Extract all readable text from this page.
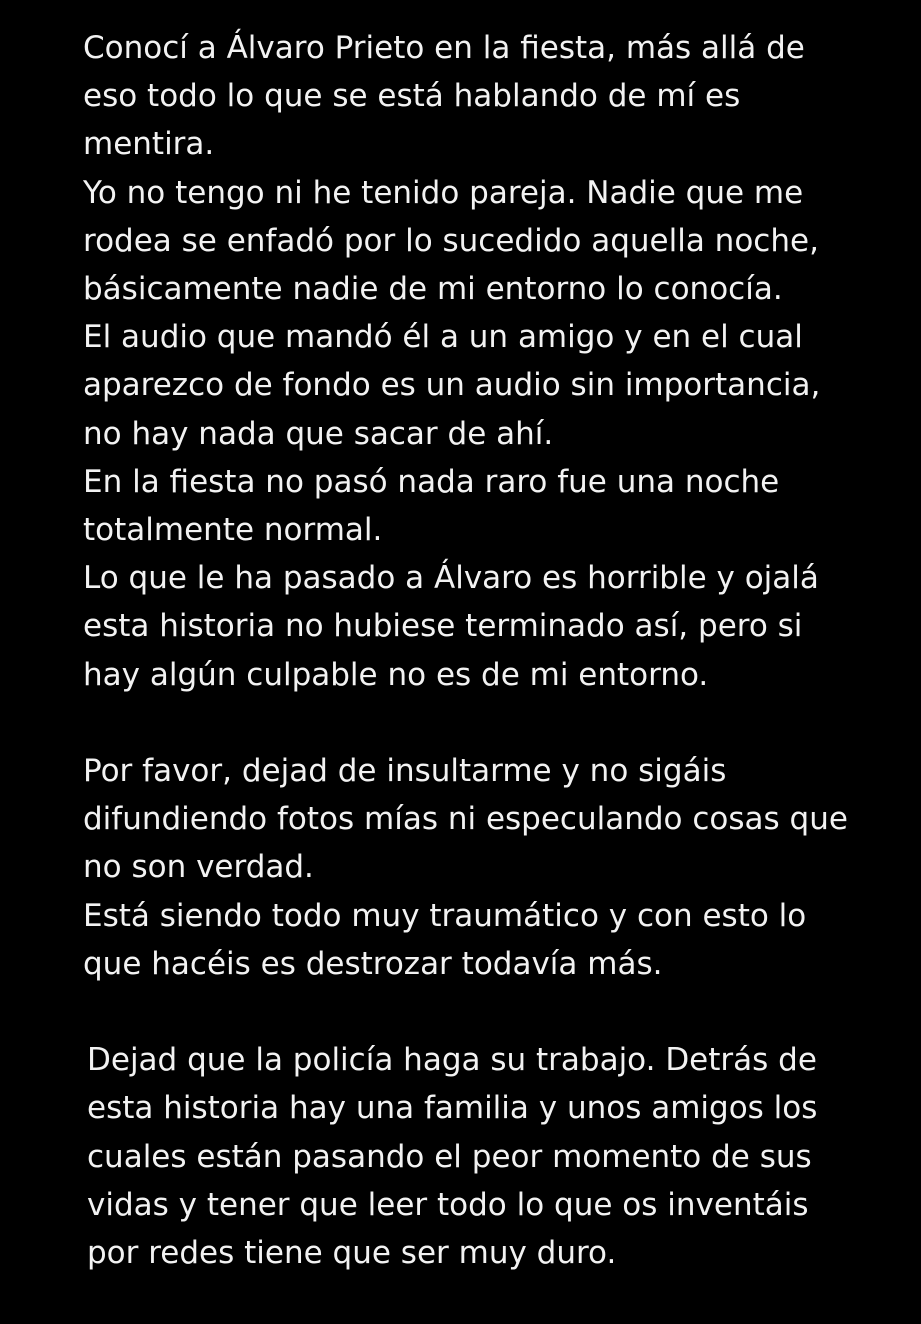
Conocí a Álvaro Prieto en la fiesta, más allá de
eso todo lo que se está hablando de mí es
mentira.
Yo no tengo ni he tenido pareja. Nadie que me
rodea se enfadó por lo sucedido aquella noche,
básicamente nadie de mi entorno lo conocía.
El audio que mandó él a un amigo y en el cual
aparezco de fondo es un audio sin importancia,
no hay nada que sacar de ahí.
En la fiesta no pasó nada raro fue una noche
totalmente normal.
Lo que le ha pasado a Álvaro es horrible y ojalá
esta historia no hubiese terminado así, pero si
hay algún culpable no es de mi entorno.
Por favor, dejad de insultarme y no sigáis
difundiendo fotos mías ni especulando cosas que
no son verdad.
Está siendo todo muy traumático y con esto lo
que hacéis es destrozar todavía más.
Dejad que la policía haga su trabajo. Detrás de
esta historia hay una familia y unos amigos los
cuales están pasando el peor momento de sus
vidas y tener que leer todo lo que os inventáis
por redes tiene que ser muy duro.
